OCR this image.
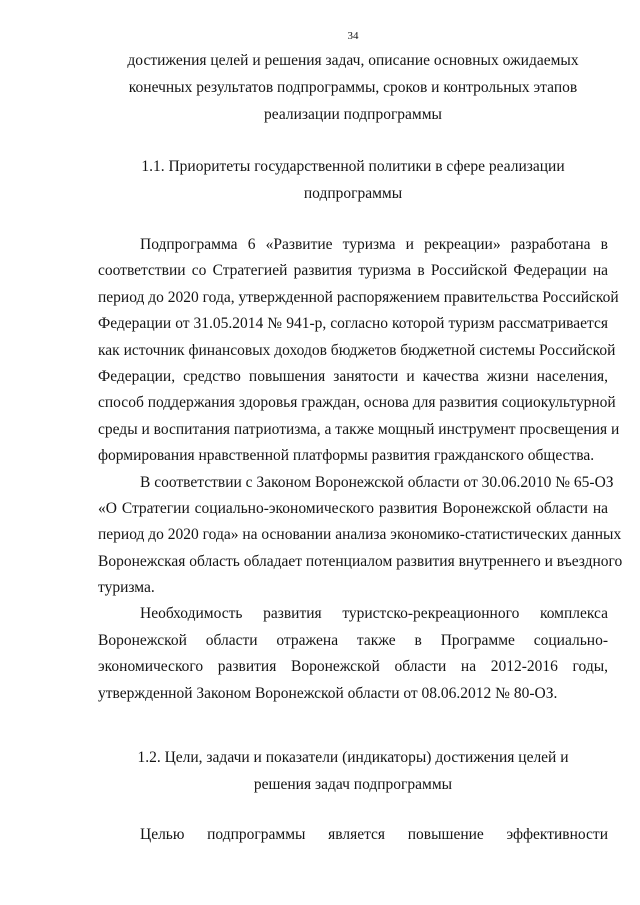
34
достижения целей и решения задач, описание основных ожидаемых
конечных результатов подпрограммы, сроков и контрольных этапов
реализации подпрограммы
1.1. Приоритеты государственной политики в сфере реализации
подпрограммы
Подпрограмма 6 «Развитие туризма и рекреации» разработана в
соответствии со Стратегией развития туризма в Российской Федерации на
период до 2020 года, утвержденной распоряжением правительства Российской
Федерации от 31.05.2014 № 941-р, согласно которой туризм рассматривается
как источник финансовых доходов бюджетов бюджетной системы Российской
Федерации, средство повышения занятости и качества жизни населения,
способ поддержания здоровья граждан, основа для развития социокультурной
среды и воспитания патриотизма, а также мощный инструмент просвещения и
формирования нравственной платформы развития гражданского общества.
В соответствии с Законом Воронежской области от 30.06.2010 № 65-ОЗ
«О Стратегии социально-экономического развития Воронежской области на
период до 2020 года» на основании анализа экономико-статистических данных
Воронежская область обладает потенциалом развития внутреннего и въездного
туризма.
Необходимость развития туристско-рекреационного комплекса
Воронежской области отражена также в Программе социально-
экономического развития Воронежской области на 2012-2016 годы,
утвержденной Законом Воронежской области от 08.06.2012 № 80-ОЗ.
1.2. Цели, задачи и показатели (индикаторы) достижения целей и
решения задач подпрограммы
Целью подпрограммы является повышение эффективности
